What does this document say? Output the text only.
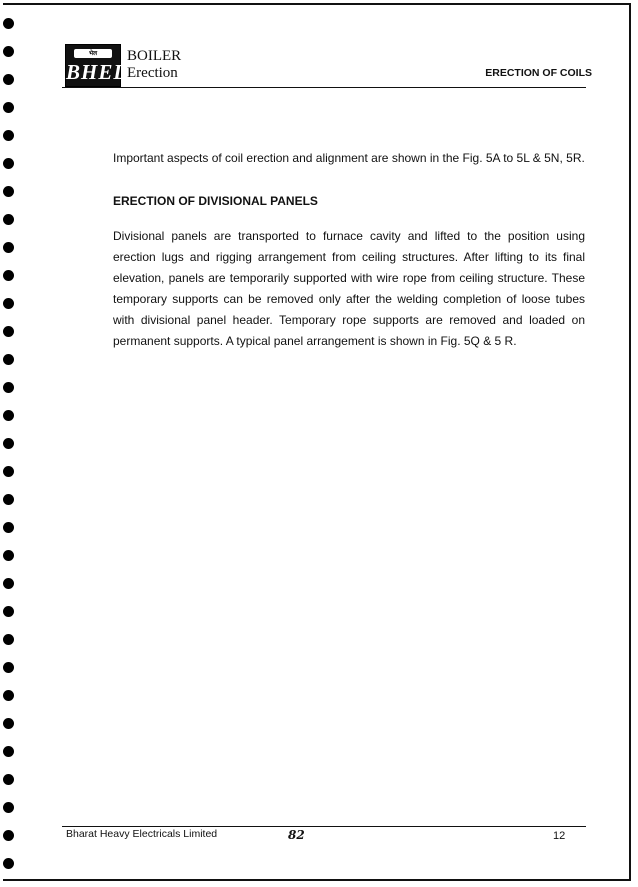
भेल
BHEL
BOILER
Erection	ERECTION OF COILS

Important aspects of coil erection and alignment are shown in the Fig. 5A to 5L & 5N, 5R.

ERECTION OF DIVISIONAL PANELS

Divisional panels are transported to furnace cavity and lifted to the position using erection lugs and rigging arrangement from ceiling structures. After lifting to its final elevation, panels are temporarily supported with wire rope from ceiling structure. These temporary supports can be removed only after the welding completion of loose tubes with divisional panel header. Temporary rope supports are removed and loaded on permanent supports. A typical panel arrangement is shown in Fig. 5Q & 5 R.

Bharat Heavy Electricals Limited	82	12
